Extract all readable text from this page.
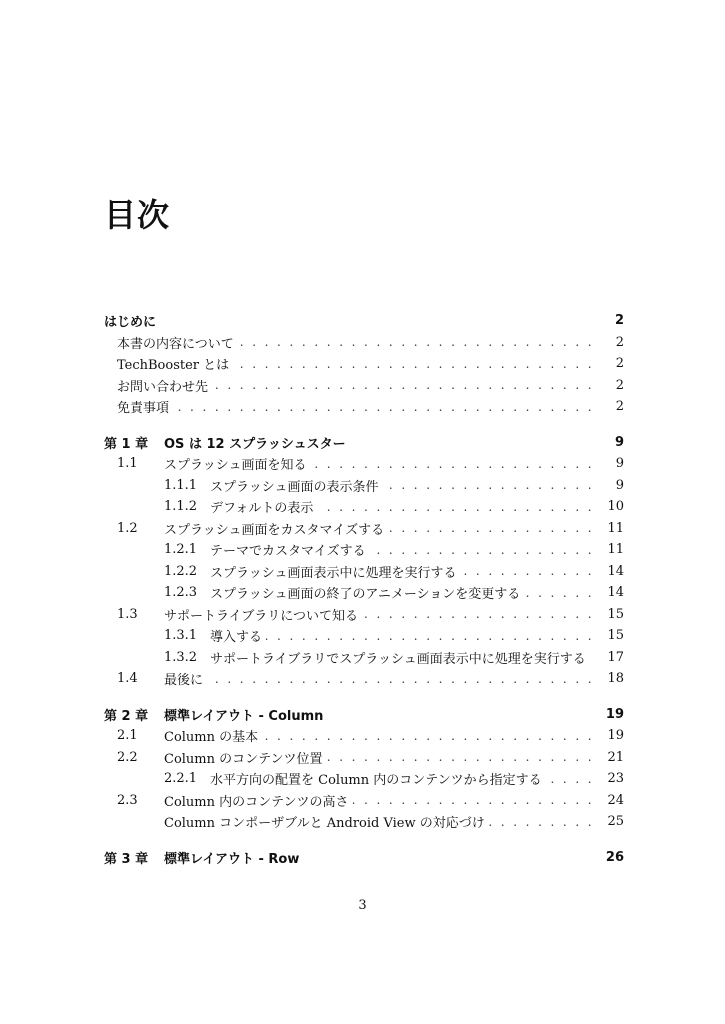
目次
はじめに	2
本書の内容について . . .	2
TechBooster とは . . .	2
お問い合わせ先 . . .	2
免責事項 . . .	2
第 1 章	OS は 12 スプラッシュスター	9
1.1	スプラッシュ画面を知る . . .	9
1.1.1 スプラッシュ画面の表示条件 . . .	9
1.1.2 デフォルトの表示 . . .	10
1.2	スプラッシュ画面をカスタマイズする . . .	11
1.2.1 テーマでカスタマイズする . . .	11
1.2.2 スプラッシュ画面表示中に処理を実行する . . .	14
1.2.3 スプラッシュ画面の終了のアニメーションを変更する . . .	14
1.3	サポートライブラリについて知る . . .	15
1.3.1 導入する . . .	15
1.3.2 サポートライブラリでスプラッシュ画面表示中に処理を実行する 17
1.4	最後に . . .	18
第 2 章	標準レイアウト - Column	19
2.1	Column の基本 . . .	19
2.2	Column のコンテンツ位置 . . .	21
2.2.1 水平方向の配置を Column 内のコンテンツから指定する . . .	23
2.3	Column 内のコンテンツの高さ . . .	24
Column コンポーザブルと Android View の対応づけ . . .	25
第 3 章	標準レイアウト - Row	26
3
